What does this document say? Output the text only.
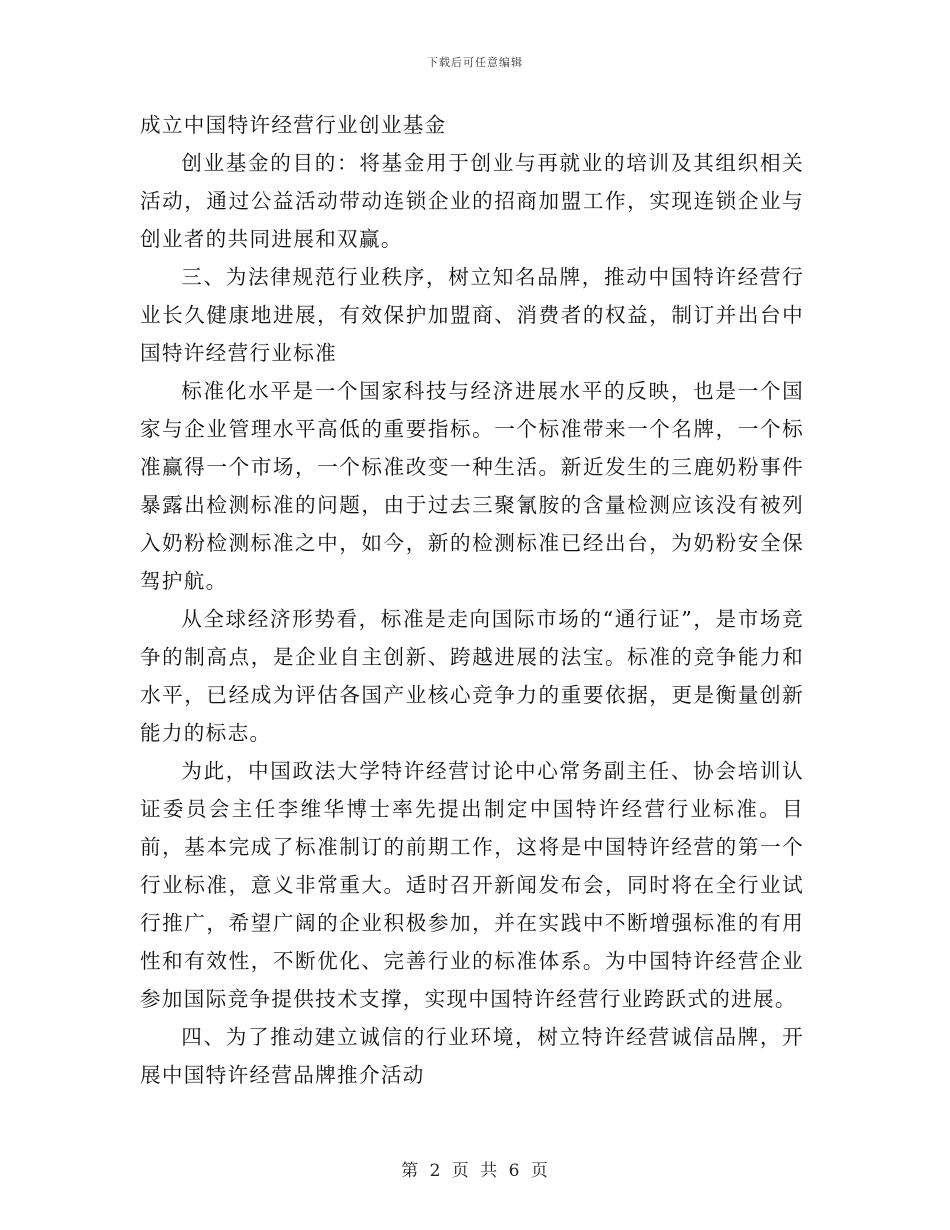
下载后可任意编辑

成立中国特许经营行业创业基金

创业基金的目的：将基金用于创业与再就业的培训及其组织相关活动，通过公益活动带动连锁企业的招商加盟工作，实现连锁企业与创业者的共同进展和双赢。

三、为法律规范行业秩序，树立知名品牌，推动中国特许经营行业长久健康地进展，有效保护加盟商、消费者的权益，制订并出台中国特许经营行业标准

标准化水平是一个国家科技与经济进展水平的反映，也是一个国家与企业管理水平高低的重要指标。一个标准带来一个名牌，一个标准赢得一个市场，一个标准改变一种生活。新近发生的三鹿奶粉事件暴露出检测标准的问题，由于过去三聚氰胺的含量检测应该没有被列入奶粉检测标准之中，如今，新的检测标准已经出台，为奶粉安全保驾护航。

从全球经济形势看，标准是走向国际市场的“通行证”，是市场竞争的制高点，是企业自主创新、跨越进展的法宝。标准的竞争能力和水平，已经成为评估各国产业核心竞争力的重要依据，更是衡量创新能力的标志。

为此，中国政法大学特许经营讨论中心常务副主任、协会培训认证委员会主任李维华博士率先提出制定中国特许经营行业标准。目前，基本完成了标准制订的前期工作，这将是中国特许经营的第一个行业标准，意义非常重大。适时召开新闻发布会，同时将在全行业试行推广，希望广阔的企业积极参加，并在实践中不断增强标准的有用性和有效性，不断优化、完善行业的标准体系。为中国特许经营企业参加国际竞争提供技术支撑，实现中国特许经营行业跨跃式的进展。

四、为了推动建立诚信的行业环境，树立特许经营诚信品牌，开展中国特许经营品牌推介活动

第 2 页 共 6 页
